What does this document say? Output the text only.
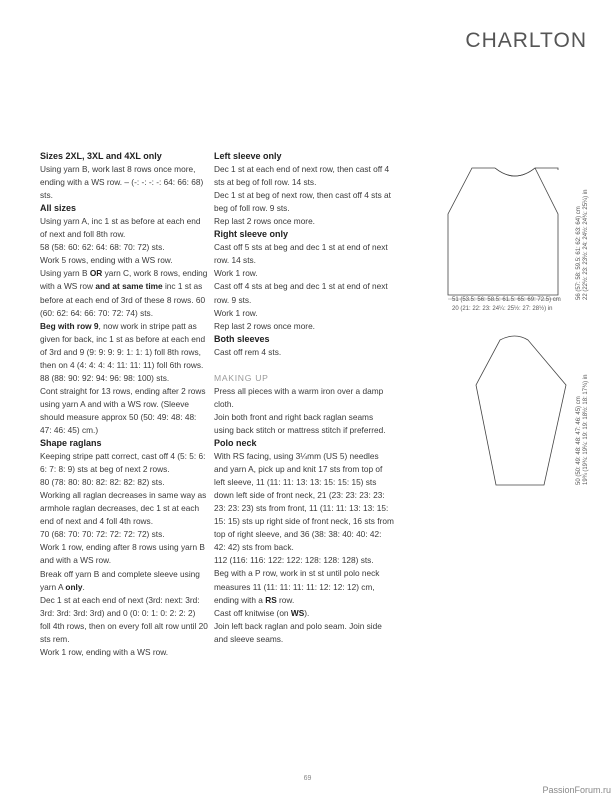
CHARLTON

Sizes 2XL, 3XL and 4XL only

Using yarn B, work last 8 rows once more, ending with a WS row. – (-: -: -: -: 64: 66: 68) sts.

All sizes

Using yarn A, inc 1 st as before at each end of next and foll 8th row.

58 (58: 60: 62: 64: 68: 70: 72) sts.

Work 5 rows, ending with a WS row.

Using yarn B OR yarn C, work 8 rows, ending with a WS row and at same time inc 1 st as before at each end of 3rd of these 8 rows. 60 (60: 62: 64: 66: 70: 72: 74) sts.

Beg with row 9, now work in stripe patt as given for back, inc 1 st as before at each end of 3rd and 9 (9: 9: 9: 9: 1: 1: 1) foll 8th rows, then on 4 (4: 4: 4: 4: 11: 11: 11) foll 6th rows.

88 (88: 90: 92: 94: 96: 98: 100) sts.

Cont straight for 13 rows, ending after 2 rows using yarn A and with a WS row. (Sleeve should measure approx 50 (50: 49: 48: 48: 47: 46: 45) cm.)

Shape raglans

Keeping stripe patt correct, cast off 4 (5: 5: 6: 6: 7: 8: 9) sts at beg of next 2 rows.

80 (78: 80: 80: 82: 82: 82: 82) sts.

Working all raglan decreases in same way as armhole raglan decreases, dec 1 st at each end of next and 4 foll 4th rows.

70 (68: 70: 70: 72: 72: 72: 72) sts.

Work 1 row, ending after 8 rows using yarn B and with a WS row.

Break off yarn B and complete sleeve using yarn A only.

Dec 1 st at each end of next (3rd: next: 3rd: 3rd: 3rd: 3rd: 3rd) and 0 (0: 0: 1: 0: 2: 2: 2) foll 4th rows, then on every foll alt row until 20 sts rem.

Work 1 row, ending with a WS row.

Left sleeve only

Dec 1 st at each end of next row, then cast off 4 sts at beg of foll row. 14 sts.

Dec 1 st at beg of next row, then cast off 4 sts at beg of foll row. 9 sts.

Rep last 2 rows once more.

Right sleeve only

Cast off 5 sts at beg and dec 1 st at end of next row. 14 sts.

Work 1 row.

Cast off 4 sts at beg and dec 1 st at end of next row. 9 sts.

Work 1 row.

Rep last 2 rows once more.

Both sleeves

Cast off rem 4 sts.

MAKING UP

Press all pieces with a warm iron over a damp cloth.

Join both front and right back raglan seams using back stitch or mattress stitch if preferred.

Polo neck

With RS facing, using 3¼mm (US 5) needles and yarn A, pick up and knit 17 sts from top of left sleeve, 11 (11: 11: 13: 13: 15: 15: 15) sts down left side of front neck, 21 (23: 23: 23: 23: 23: 23: 23) sts from front, 11 (11: 11: 13: 13: 15: 15: 15) sts up right side of front neck, 16 sts from top of right sleeve, and 36 (38: 38: 40: 40: 42: 42: 42) sts from back.

112 (116: 116: 122: 122: 128: 128: 128) sts.

Beg with a P row, work in st st until polo neck measures 11 (11: 11: 11: 11: 12: 12: 12) cm, ending with a RS row.

Cast off knitwise (on WS).

Join left back raglan and polo seam. Join side and sleeve seams.

51 (53.5: 56: 58.5: 61.5: 65: 69: 72.5) cm
20 (21: 22: 23: 24¼: 25½: 27: 28½) in
56 (57: 58: 59.5: 61: 62: 63: 64) cm 22 (22½: 23: 23½: 24: 24½: 24¾: 25¼) in
50 (50: 49: 48: 48: 47: 46: 45) cm 19¾ (19¾: 19¼: 19: 19: 18½: 18: 17¾) in
69
PassionForum.ru
